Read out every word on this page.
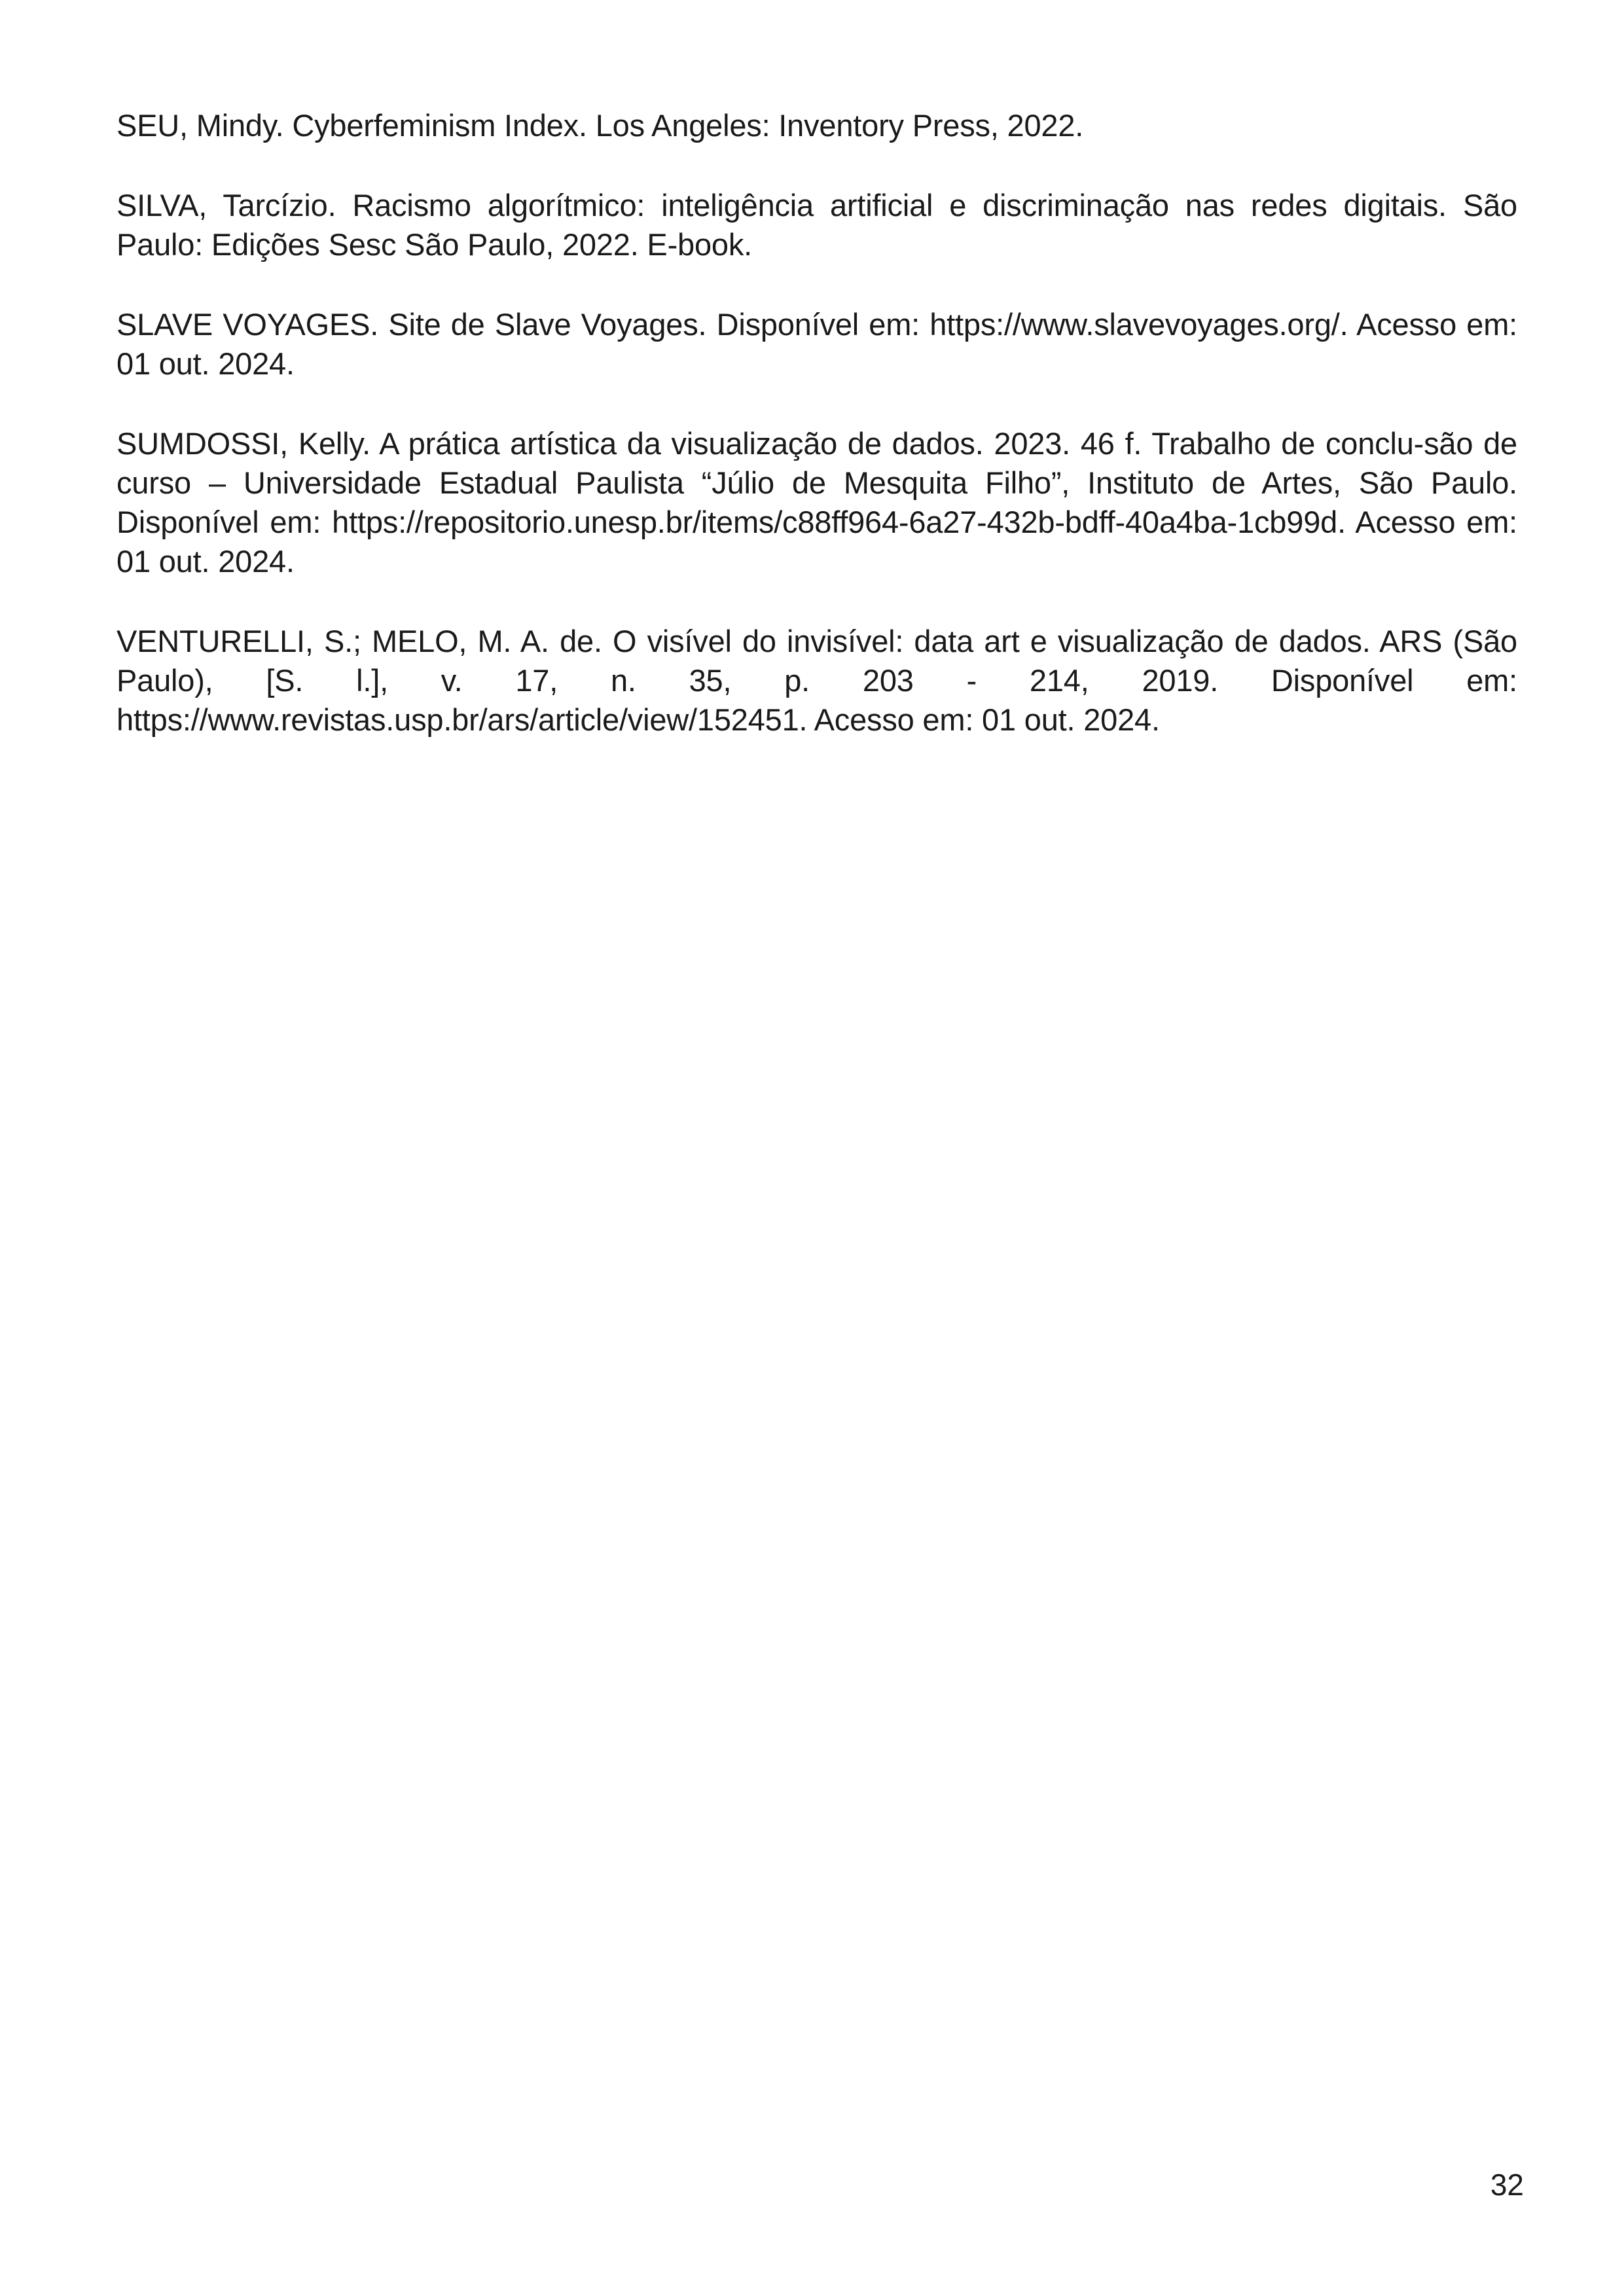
SEU, Mindy. Cyberfeminism Index. Los Angeles: Inventory Press, 2022.

SILVA, Tarcízio. Racismo algorítmico: inteligência artificial e discriminação nas redes digitais. São Paulo: Edições Sesc São Paulo, 2022. E-book.

SLAVE VOYAGES. Site de Slave Voyages. Disponível em: https://www.slavevoyages.org/. Acesso em: 01 out. 2024.

SUMDOSSI, Kelly. A prática artística da visualização de dados. 2023. 46 f. Trabalho de conclu-são de curso – Universidade Estadual Paulista “Júlio de Mesquita Filho”, Instituto de Artes, São Paulo. Disponível em: https://repositorio.unesp.br/items/c88ff964-6a27-432b-bdff-40a4ba-1cb99d. Acesso em: 01 out. 2024.

VENTURELLI, S.; MELO, M. A. de. O visível do invisível: data art e visualização de dados. ARS (São Paulo), [S. l.], v. 17, n. 35, p. 203 - 214, 2019. Disponível em: https://www.revistas.usp.br/ars/article/view/152451. Acesso em: 01 out. 2024.

32
